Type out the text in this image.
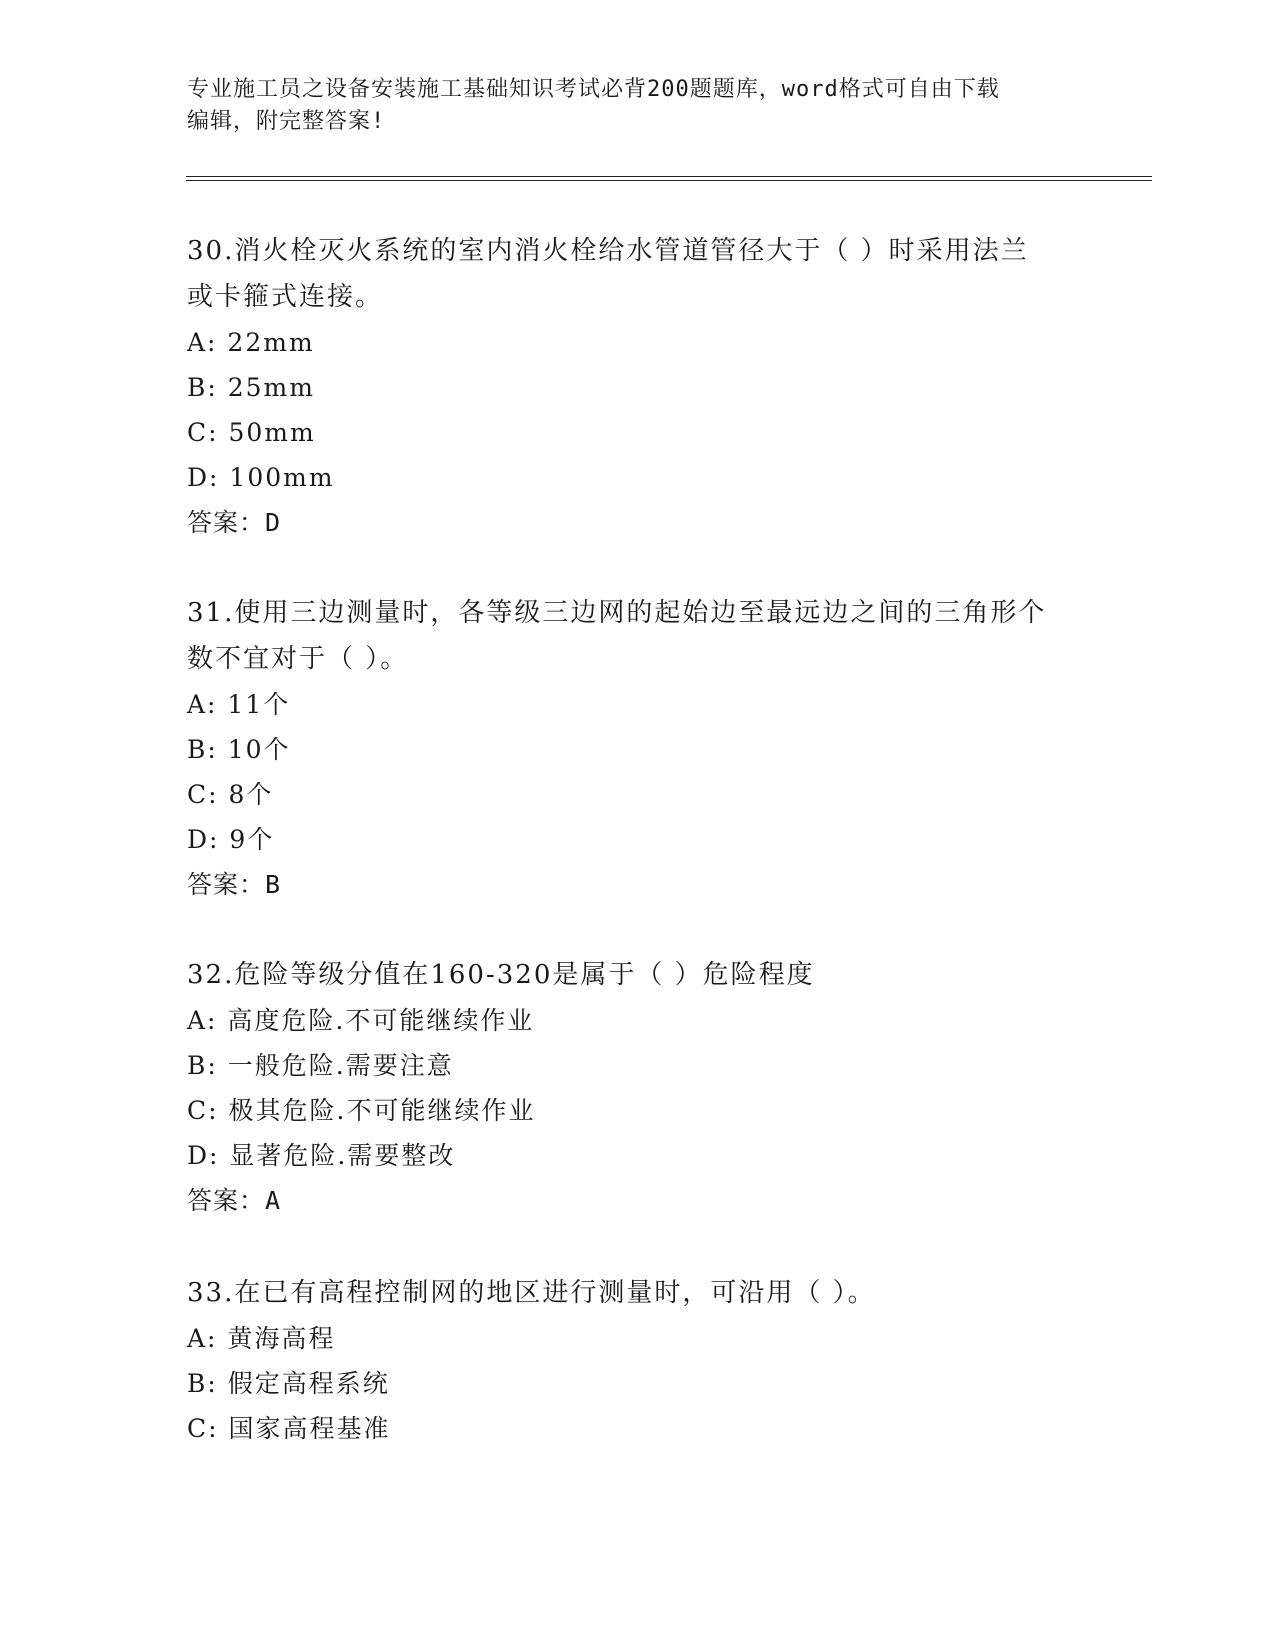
专业施工员之设备安装施工基础知识考试必背200题题库，word格式可自由下载
编辑，附完整答案!

30.消火栓灭火系统的室内消火栓给水管道管径大于（ ）时采用法兰

或卡箍式连接。

A: 22mm

B: 25mm

C: 50mm

D: 100mm

答案：D

31.使用三边测量时，各等级三边网的起始边至最远边之间的三角形个

数不宜对于（ ）。

A: 11个

B: 10个

C: 8个

D: 9个

答案：B

32.危险等级分值在160-320是属于（ ）危险程度

A: 高度危险.不可能继续作业

B: 一般危险.需要注意

C: 极其危险.不可能继续作业

D: 显著危险.需要整改

答案：A

33.在已有高程控制网的地区进行测量时，可沿用（ ）。

A: 黄海高程

B: 假定高程系统

C: 国家高程基准
